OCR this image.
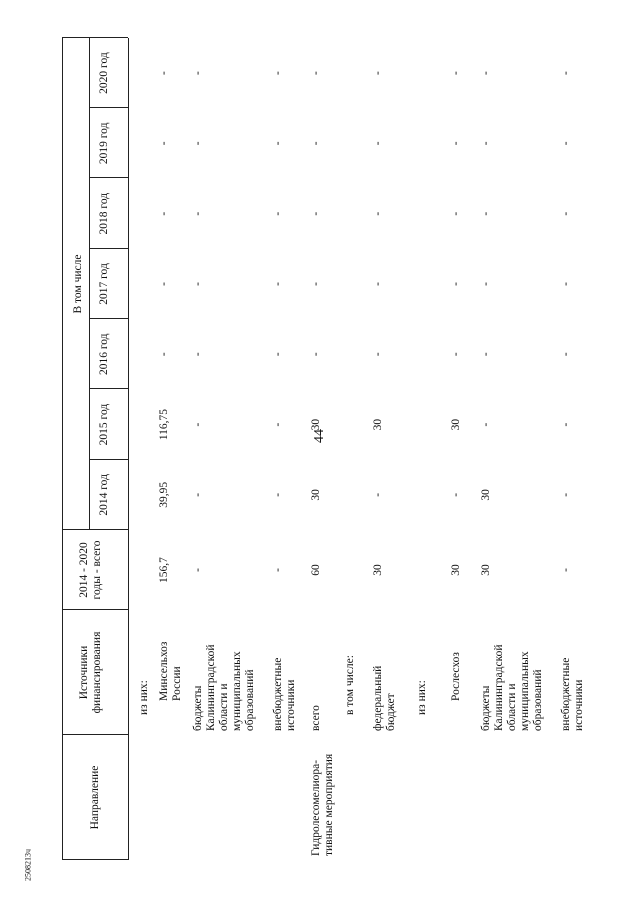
44
2508213ч
Направление
Источники
финансирования
2014 - 2020
годы - всего
В том числе
2014 год
2015 год
2016 год
2017 год
2018 год
2019 год
2020 год
Гидролесомелиора-
тивные мероприятия
из них: Минсельхоз
России
156,7
39,95
116,75
-
-
-
-
-
бюджеты
Калининградской
области и
муниципальных
образований
-
-
-
-
-
-
-
-
внебюджетные
источники
-
-
-
-
-
-
-
-
всего
60
30
30
-
-
-
-
-
в том числе: федеральный
бюджет
30
-
30
-
-
-
-
-
из них: Рослесхоз
30
-
30
-
-
-
-
-
бюджеты
Калининградской
области и
муниципальных
образований
30
30
-
-
-
-
-
-
внебюджетные
источники
-
-
-
-
-
-
-
-
